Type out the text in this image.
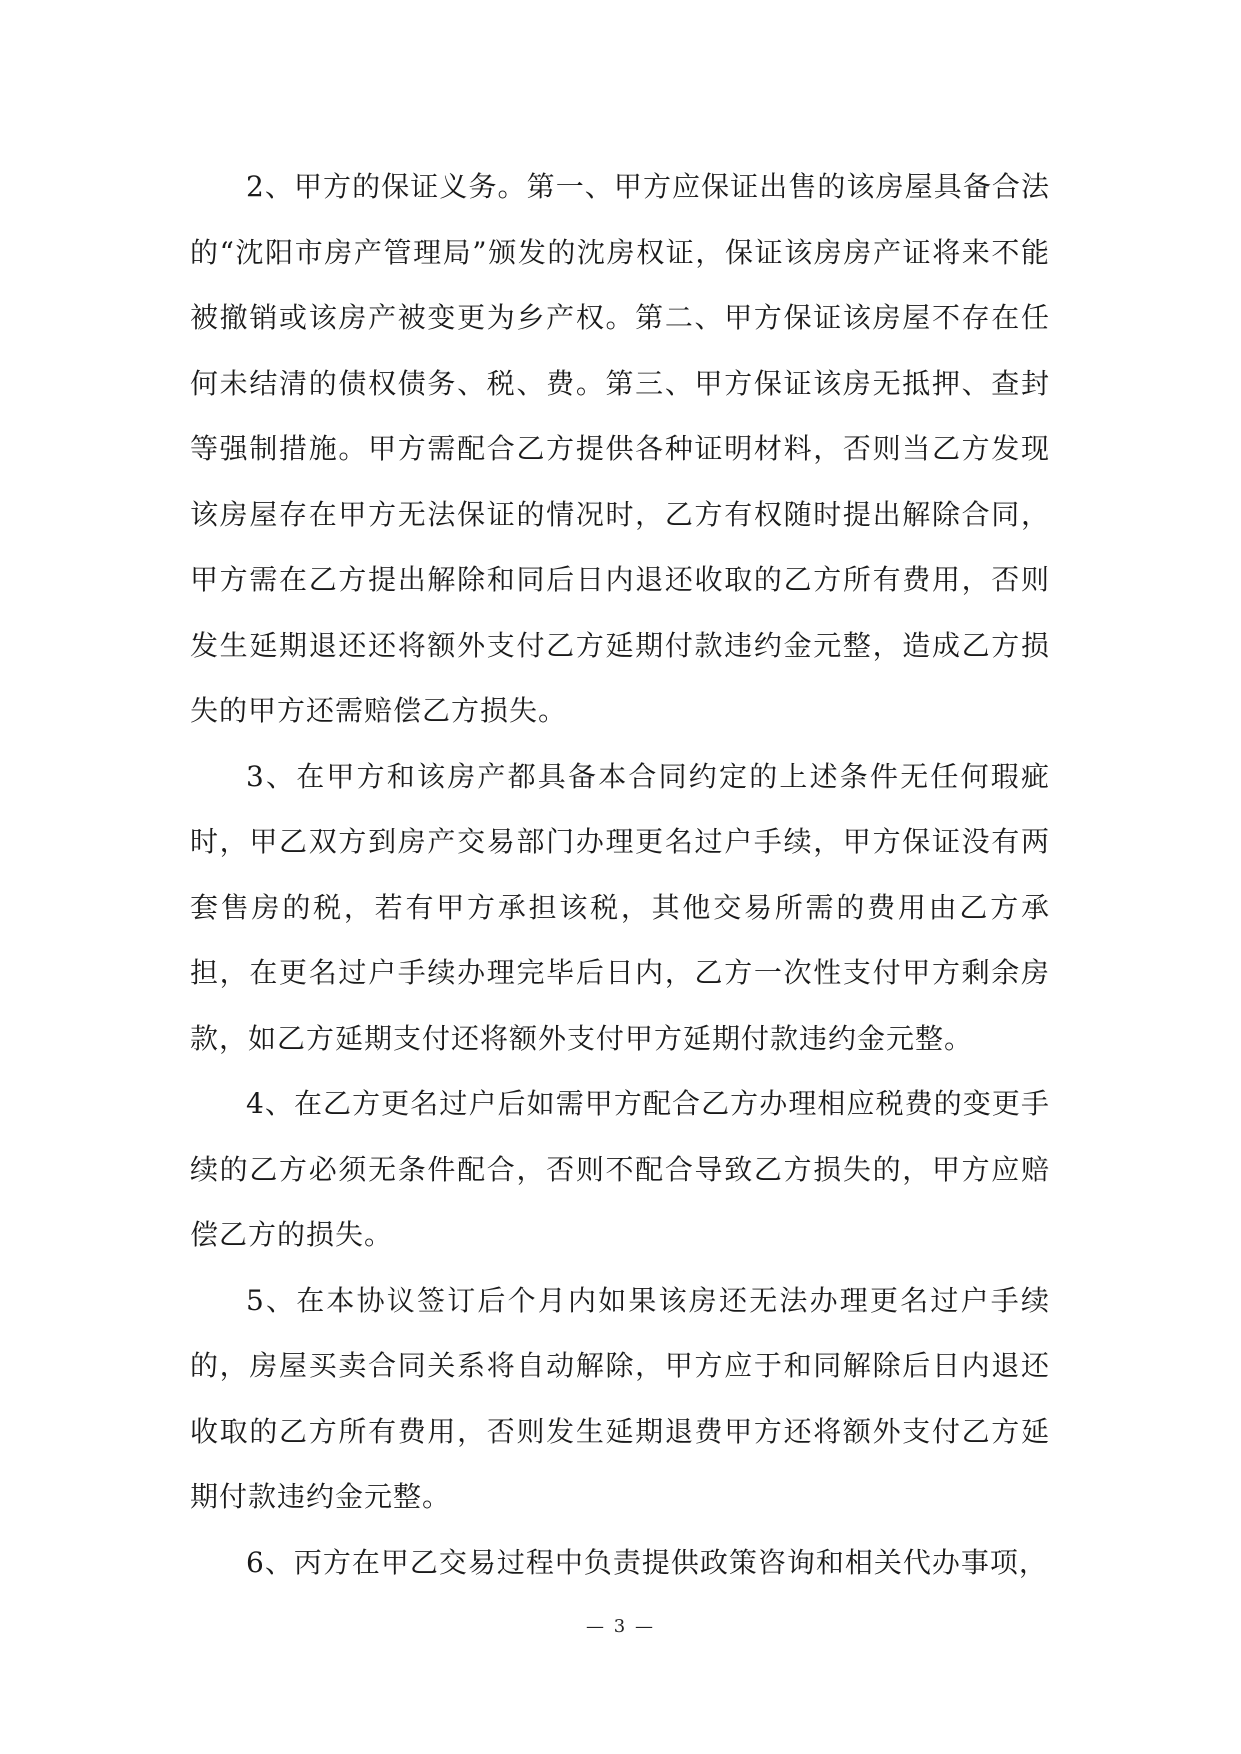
2、甲方的保证义务。第一、甲方应保证出售的该房屋具备合法的“沈阳市房产管理局”颁发的沈房权证，保证该房房产证将来不能被撤销或该房产被变更为乡产权。第二、甲方保证该房屋不存在任何未结清的债权债务、税、费。第三、甲方保证该房无抵押、查封等强制措施。甲方需配合乙方提供各种证明材料，否则当乙方发现该房屋存在甲方无法保证的情况时，乙方有权随时提出解除合同，甲方需在乙方提出解除和同后日内退还收取的乙方所有费用，否则发生延期退还还将额外支付乙方延期付款违约金元整，造成乙方损失的甲方还需赔偿乙方损失。

3、在甲方和该房产都具备本合同约定的上述条件无任何瑕疵时，甲乙双方到房产交易部门办理更名过户手续，甲方保证没有两套售房的税，若有甲方承担该税，其他交易所需的费用由乙方承担，在更名过户手续办理完毕后日内，乙方一次性支付甲方剩余房款，如乙方延期支付还将额外支付甲方延期付款违约金元整。

4、在乙方更名过户后如需甲方配合乙方办理相应税费的变更手续的乙方必须无条件配合，否则不配合导致乙方损失的，甲方应赔偿乙方的损失。

5、在本协议签订后个月内如果该房还无法办理更名过户手续的，房屋买卖合同关系将自动解除，甲方应于和同解除后日内退还收取的乙方所有费用，否则发生延期退费甲方还将额外支付乙方延期付款违约金元整。

6、丙方在甲乙交易过程中负责提供政策咨询和相关代办事项，

— 3 —
